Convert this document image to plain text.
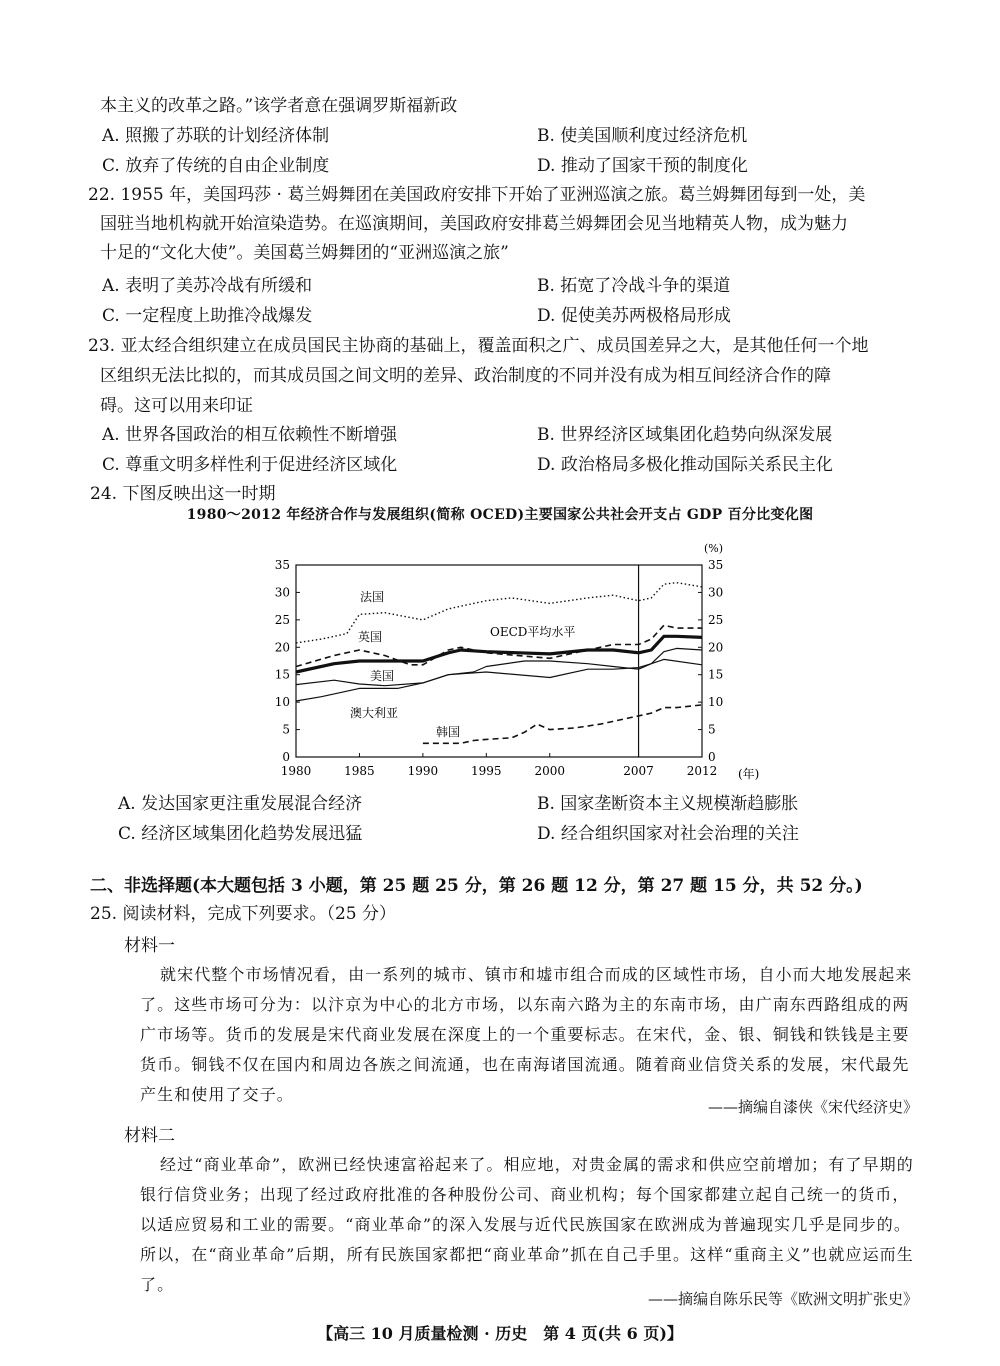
本主义的改革之路。”该学者意在强调罗斯福新政
A. 照搬了苏联的计划经济体制	B. 使美国顺利度过经济危机
C. 放弃了传统的自由企业制度	D. 推动了国家干预的制度化
22. 1955 年，美国玛莎 · 葛兰姆舞团在美国政府安排下开始了亚洲巡演之旅。葛兰姆舞团每到一处，美
国驻当地机构就开始渲染造势。在巡演期间，美国政府安排葛兰姆舞团会见当地精英人物，成为魅力
十足的“文化大使”。美国葛兰姆舞团的“亚洲巡演之旅”
A. 表明了美苏冷战有所缓和	B. 拓宽了冷战斗争的渠道
C. 一定程度上助推冷战爆发	D. 促使美苏两极格局形成
23. 亚太经合组织建立在成员国民主协商的基础上，覆盖面积之广、成员国差异之大，是其他任何一个地
区组织无法比拟的，而其成员国之间文明的差异、政治制度的不同并没有成为相互间经济合作的障
碍。这可以用来印证
A. 世界各国政治的相互依赖性不断增强	B. 世界经济区域集团化趋势向纵深发展
C. 尊重文明多样性利于促进经济区域化	D. 政治格局多极化推动国际关系民主化
24. 下图反映出这一时期
1980～2012 年经济合作与发展组织(简称 OCED)主要国家公共社会开支占 GDP 百分比变化图
0	0
5	5
10	10
15	15
20	20
25	25
30	30
35	35
1980	1985	1990	1995	2000	2007	2012
法国
英国	OECD平均水平
美国
澳大利亚
韩国
(%)
(年)
A. 发达国家更注重发展混合经济	B. 国家垄断资本主义规模渐趋膨胀
C. 经济区域集团化趋势发展迅猛	D. 经合组织国家对社会治理的关注
二、非选择题(本大题包括 3 小题，第 25 题 25 分，第 26 题 12 分，第 27 题 15 分，共 52 分。)
25. 阅读材料，完成下列要求。（25 分）
材料一
就宋代整个市场情况看，由一系列的城市、镇市和墟市组合而成的区域性市场，自小而大地发展起来了。这些市场可分为：以汴京为中心的北方市场，以东南六路为主的东南市场，由广南东西路组成的两广市场等。货币的发展是宋代商业发展在深度上的一个重要标志。在宋代，金、银、铜钱和铁钱是主要货币。铜钱不仅在国内和周边各族之间流通，也在南海诸国流通。随着商业信贷关系的发展，宋代最先产生和使用了交子。
——摘编自漆侠《宋代经济史》
材料二
经过“商业革命”，欧洲已经快速富裕起来了。相应地，对贵金属的需求和供应空前增加；有了早期的银行信贷业务；出现了经过政府批准的各种股份公司、商业机构；每个国家都建立起自己统一的货币，以适应贸易和工业的需要。“商业革命”的深入发展与近代民族国家在欧洲成为普遍现实几乎是同步的。所以，在“商业革命”后期，所有民族国家都把“商业革命”抓在自己手里。这样“重商主义”也就应运而生了。
——摘编自陈乐民等《欧洲文明扩张史》
【高三 10 月质量检测 · 历史　第 4 页(共 6 页)】
